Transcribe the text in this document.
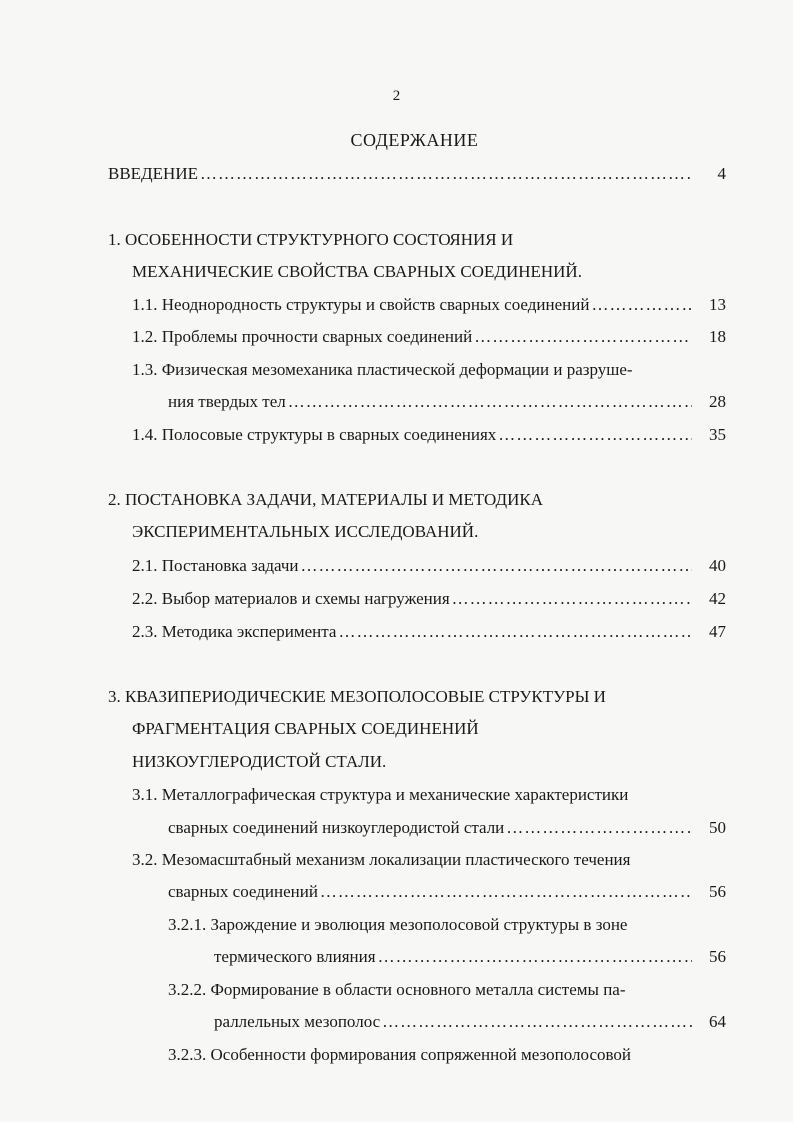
2
СОДЕРЖАНИЕ
ВВЕДЕНИЕ …………………………………………………………………………………………………………………………………………	4
1. ОСОБЕННОСТИ СТРУКТУРНОГО СОСТОЯНИЯ И
МЕХАНИЧЕСКИЕ СВОЙСТВА СВАРНЫХ СОЕДИНЕНИЙ.
1.1. Неоднородность структуры и свойств сварных соединений …………………………………………………………………………………………………………………………………………	13
1.2. Проблемы прочности сварных соединений …………………………………………………………………………………………………………………………………………	18
1.3. Физическая мезомеханика пластической деформации и разруше-
ния твердых тел …………………………………………………………………………………………………………………………………………	28
1.4. Полосовые структуры в сварных соединениях …………………………………………………………………………………………………………………………………………	35
2. ПОСТАНОВКА ЗАДАЧИ, МАТЕРИАЛЫ И МЕТОДИКА
ЭКСПЕРИМЕНТАЛЬНЫХ ИССЛЕДОВАНИЙ.
2.1. Постановка задачи …………………………………………………………………………………………………………………………………………	40
2.2. Выбор материалов и схемы нагружения …………………………………………………………………………………………………………………………………………	42
2.3. Методика эксперимента …………………………………………………………………………………………………………………………………………	47
3. КВАЗИПЕРИОДИЧЕСКИЕ МЕЗОПОЛОСОВЫЕ СТРУКТУРЫ И
ФРАГМЕНТАЦИЯ СВАРНЫХ СОЕДИНЕНИЙ
НИЗКОУГЛЕРОДИСТОЙ СТАЛИ.
3.1. Металлографическая структура и механические характеристики
сварных соединений низкоуглеродистой стали …………………………………………………………………………………………………………………………………………	50
3.2. Мезомасштабный механизм локализации пластического течения
сварных соединений …………………………………………………………………………………………………………………………………………	56
3.2.1. Зарождение и эволюция мезополосовой структуры в зоне
термического влияния …………………………………………………………………………………………………………………………………………	56
3.2.2. Формирование в области основного металла системы па-
раллельных мезополос …………………………………………………………………………………………………………………………………………	64
3.2.3. Особенности формирования сопряженной мезополосовой
